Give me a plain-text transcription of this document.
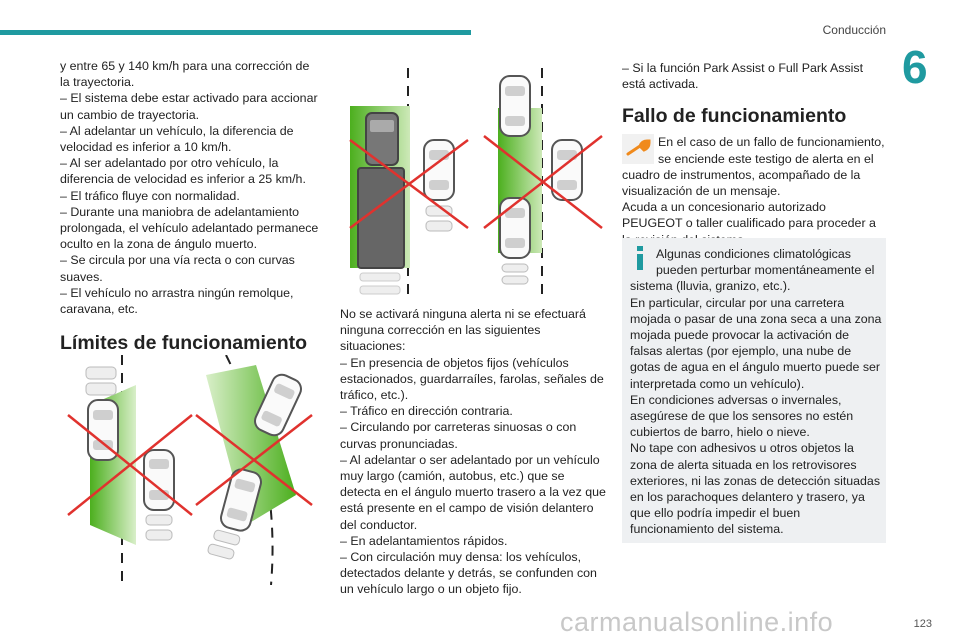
Conducción
6

y entre 65 y 140 km/h para una corrección de la trayectoria.

– El sistema debe estar activado para accionar un cambio de trayectoria.

– Al adelantar un vehículo, la diferencia de velocidad es inferior a 10 km/h.

– Al ser adelantado por otro vehículo, la diferencia de velocidad es inferior a 25 km/h.

– El tráfico fluye con normalidad.

– Durante una maniobra de adelantamiento prolongada, el vehículo adelantado permanece oculto en la zona de ángulo muerto.

– Se circula por una vía recta o con curvas suaves.

– El vehículo no arrastra ningún remolque, caravana, etc.

Límites de funcionamiento

No se activará ninguna alerta ni se efectuará ninguna corrección en las siguientes situaciones:

– En presencia de objetos fijos (vehículos estacionados, guardarraíles, farolas, señales de tráfico, etc.).

– Tráfico en dirección contraria.

– Circulando por carreteras sinuosas o con curvas pronunciadas.

– Al adelantar o ser adelantado por un vehículo muy largo (camión, autobus, etc.) que se detecta en el ángulo muerto trasero a la vez que está presente en el campo de visión delantero del conductor.

– En adelantamientos rápidos.

– Con circulación muy densa: los vehículos, detectados delante y detrás, se confunden con un vehículo largo o un objeto fijo.

– Si la función Park Assist o Full Park Assist está activada.

Fallo de funcionamiento

En el caso de un fallo de funcionamiento, se enciende este testigo de alerta en el cuadro de instrumentos, acompañado de la visualización de un mensaje.

Acuda a un concesionario autorizado PEUGEOT o taller cualificado para proceder a

Algunas condiciones climatológicas pueden perturbar momentáneamente el sistema (lluvia, granizo, etc.).

En particular, circular por una carretera mojada o pasar de una zona seca a una zona mojada puede provocar la activación de falsas alertas (por ejemplo, una nube de gotas de agua en el ángulo muerto puede ser interpretada como un vehículo).

En condiciones adversas o invernales, asegúrese de que los sensores no estén cubiertos de barro, hielo o nieve.

No tape con adhesivos u otros objetos la zona de alerta situada en los retrovisores exteriores, ni las zonas de detección situadas en los parachoques delantero y trasero, ya que ello podría impedir el buen funcionamiento del sistema.

carmanualsonline.info	123
